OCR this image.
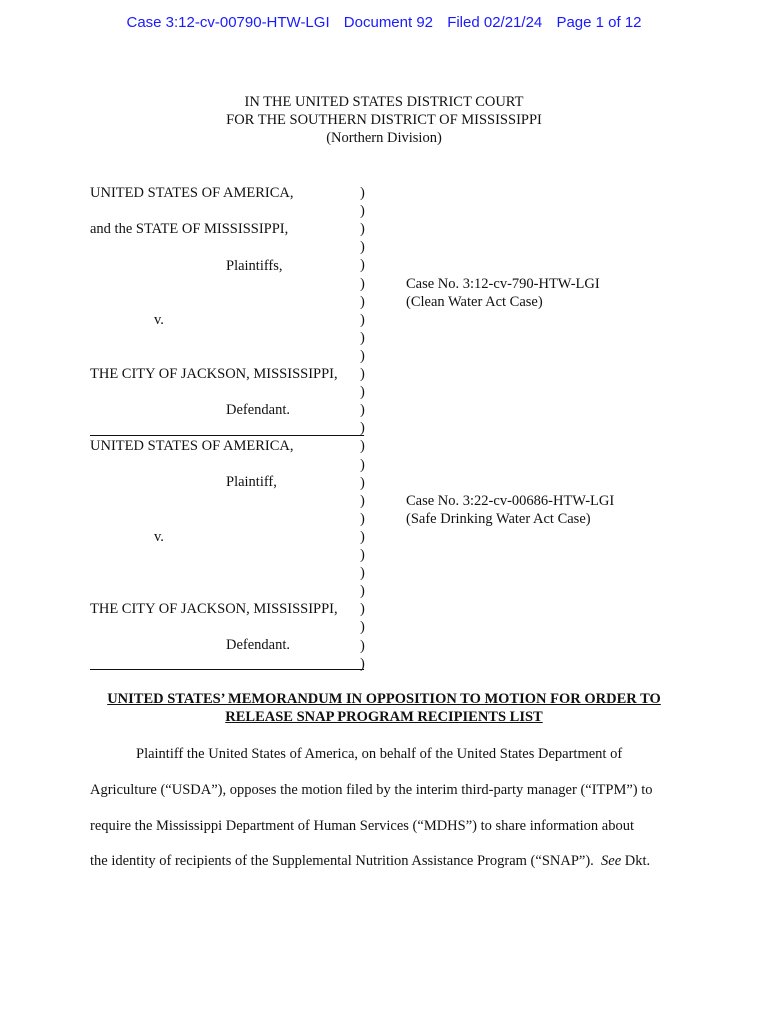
Case 3:12-cv-00790-HTW-LGI Document 92 Filed 02/21/24 Page 1 of 12
IN THE UNITED STATES DISTRICT COURT
FOR THE SOUTHERN DISTRICT OF MISSISSIPPI
(Northern Division)
UNITED STATES OF AMERICA,
and the STATE OF MISSISSIPPI,
Plaintiffs,
v.
THE CITY OF JACKSON, MISSISSIPPI,
Defendant.
Case No. 3:12-cv-790-HTW-LGI
(Clean Water Act Case)
UNITED STATES OF AMERICA,
Plaintiff,
v.
THE CITY OF JACKSON, MISSISSIPPI,
Defendant.
Case No. 3:22-cv-00686-HTW-LGI
(Safe Drinking Water Act Case)
)
)
)
)
)
)
)
)
)
)
)
)
)
)
)
)
)
)
)
)
)
)
)
)
)
)
)
UNITED STATES’ MEMORANDUM IN OPPOSITION TO MOTION FOR ORDER TO
RELEASE SNAP PROGRAM RECIPIENTS LIST
Plaintiff the United States of America, on behalf of the United States Department of
Agriculture (“USDA”), opposes the motion filed by the interim third-party manager (“ITPM”) to
require the Mississippi Department of Human Services (“MDHS”) to share information about
the identity of recipients of the Supplemental Nutrition Assistance Program (“SNAP”). See Dkt.
